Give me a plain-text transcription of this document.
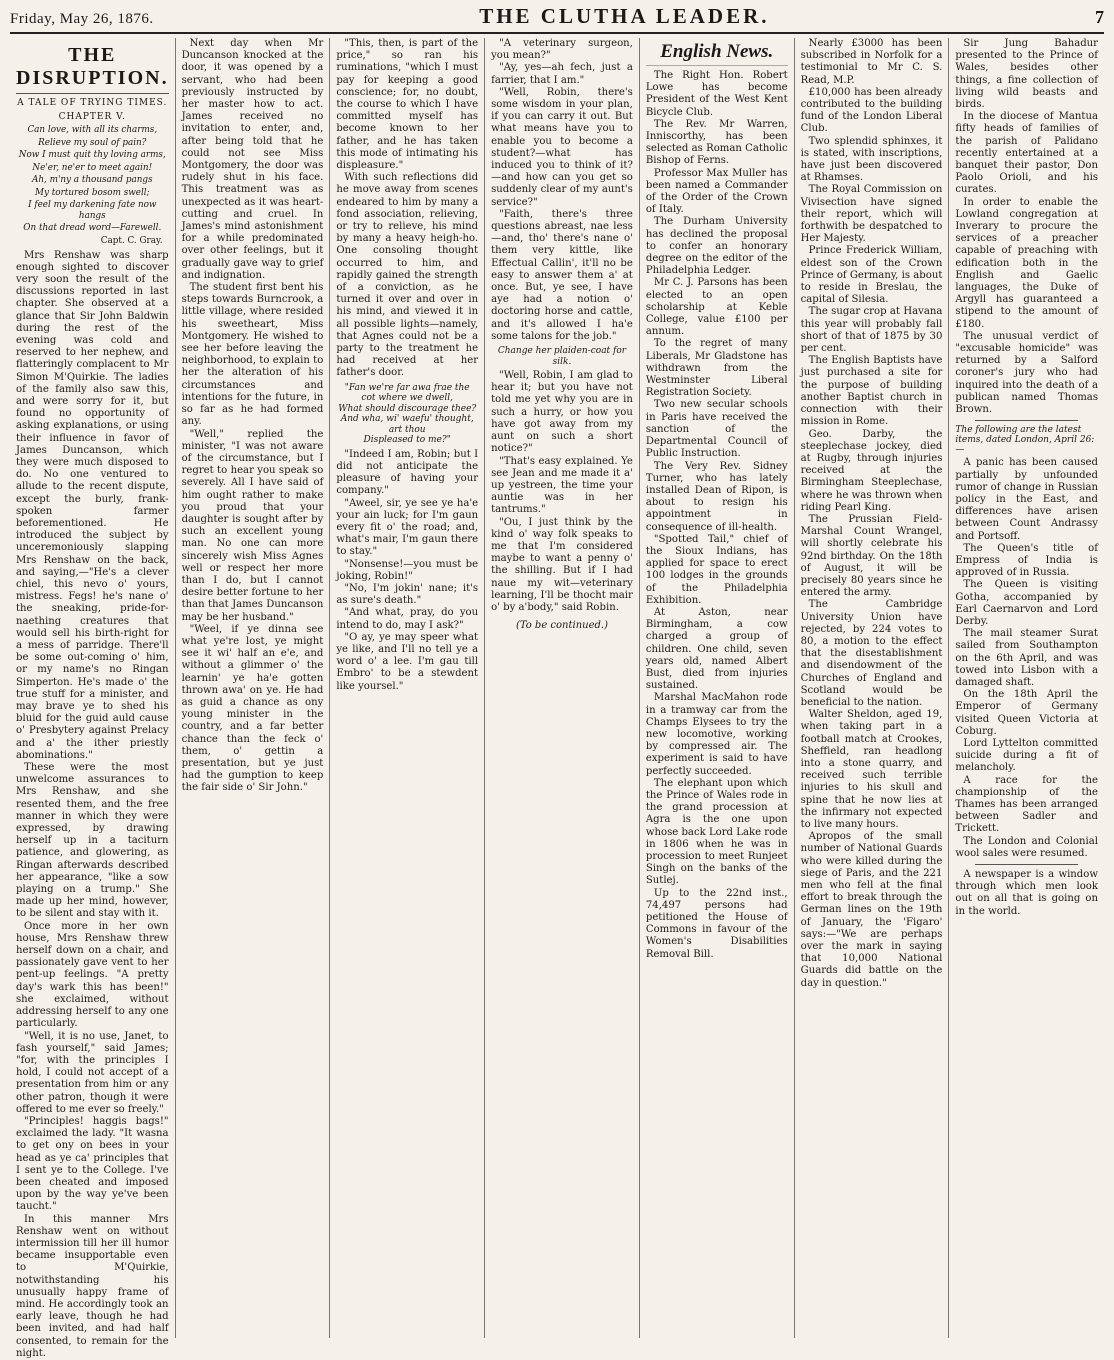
Friday, May 26, 1876.	THE CLUTHA LEADER.	7
THE DISRUPTION.
A TALE OF TRYING TIMES.
CHAPTER V.
Can love, with all its charms,
Relieve my soul of pain?
Now I must quit thy loving arms,
Ne'er, ne'er to meet again!
Ah, m'ny a thousand pangs
My tortured bosom swell;
I feel my darkening fate now hangs
On that dread word—Farewell.
Capt. C. Gray.

Mrs Renshaw was sharp enough sighted to discover very soon the result of the discussions reported in last chapter. She observed at a glance that Sir John Baldwin during the rest of the evening was cold and reserved to her nephew, and flatteringly complacent to Mr Simon M'Quirkie. The ladies of the family also saw this, and were sorry for it, but found no opportunity of asking explanations, or using their influence in favor of James Duncanson, which they were much disposed to do. No one ventured to allude to the recent dispute, except the burly, frank-spoken farmer beforementioned. He introduced the subject by unceremoniously slapping Mrs Renshaw on the back, and saying,—"He's a clever chiel, this nevo o' yours, mistress. Fegs! he's nane o' the sneaking, pride-for-naething creatures that would sell his birth-right for a mess of parridge. There'll be some out-coming o' him, or my name's no Ringan Simperton. He's made o' the true stuff for a minister, and may brave ye to shed his bluid for the guid auld cause o' Presbytery against Prelacy and a' the ither priestly abominations."

These were the most unwelcome assurances to Mrs Renshaw, and she resented them, and the free manner in which they were expressed, by drawing herself up in a taciturn patience, and glowering, as Ringan afterwards described her appearance, "like a sow playing on a trump." She made up her mind, however, to be silent and stay with it.

Once more in her own house, Mrs Renshaw threw herself down on a chair, and passionately gave vent to her pent-up feelings. "A pretty day's wark this has been!" she exclaimed, without addressing herself to any one particularly.

"Well, it is no use, Janet, to fash yourself," said James; "for, with the principles I hold, I could not accept of a presentation from him or any other patron, though it were offered to me ever so freely."

"Principles! haggis bags!" exclaimed the lady. "It wasna to get ony on bees in your head as ye ca' principles that I sent ye to the College. I've been cheated and imposed upon by the way ye've been taucht."

In this manner Mrs Renshaw went on without intermission till her ill humor became insupportable even to M'Quirkie, notwithstanding his unusually happy frame of mind. He accordingly took an early leave, though he had been invited, and had half consented, to remain for the night.

Next day when Mr Duncanson knocked at the door, it was opened by a servant, who had been previously instructed by her master how to act. James received no invitation to enter, and, after being told that he could not see Miss Montgomery, the door was rudely shut in his face. This treatment was as unexpected as it was heart-cutting and cruel. In James's mind astonishment for a while predominated over other feelings, but it gradually gave way to grief and indignation.

The student first bent his steps towards Burncrook, a little village, where resided his sweetheart, Miss Montgomery. He wished to see her before leaving the neighborhood, to explain to her the alteration of his circumstances and intentions for the future, in so far as he had formed any.

"Well," replied the minister, "I was not aware of the circumstance, but I regret to hear you speak so severely. All I have said of him ought rather to make you proud that your daughter is sought after by such an excellent young man. No one can more sincerely wish Miss Agnes well or respect her more than I do, but I cannot desire better fortune to her than that James Duncanson may be her husband."

"Weel, if ye dinna see what ye're lost, ye might see it wi' half an e'e, and without a glimmer o' the learnin' ye ha'e gotten thrown awa' on ye. He had as guid a chance as ony young minister in the country, and a far better chance than the feck o' them, o' gettin a presentation, but ye just had the gumption to keep the fair side o' Sir John."

"This, then, is part of the price," so ran his ruminations, "which I must pay for keeping a good conscience; for, no doubt, the course to which I have committed myself has become known to her father, and he has taken this mode of intimating his displeasure."

With such reflections did he move away from scenes endeared to him by many a fond association, relieving, or try to relieve, his mind by many a heavy heigh-ho. One consoling thought occurred to him, and rapidly gained the strength of a conviction, as he turned it over and over in his mind, and viewed it in all possible lights—namely, that Agnes could not be a party to the treatment he had received at her father's door.

"Fan we're far awa frae the cot where we dwell,
What should discourage thee?
And wha, wi' waefu' thought, art thou
Displeased to me?"

"Indeed I am, Robin; but I did not anticipate the pleasure of having your company."

"Aweel, sir, ye see ye ha'e your ain luck; for I'm gaun every fit o' the road; and, what's mair, I'm gaun there to stay."

"Nonsense!—you must be joking, Robin!"

"No, I'm jokin' nane; it's as sure's death."

"And what, pray, do you intend to do, may I ask?"

"O ay, ye may speer what ye like, and I'll no tell ye a word o' a lee. I'm gau till Embro' to be a stewdent like yoursel."

"A veterinary surgeon, you mean?"

"Ay, yes—ah fech, just a farrier, that I am."

"Well, Robin, there's some wisdom in your plan, if you can carry it out. But what means have you to enable you to become a student?—what has induced you to think of it?—and how can you get so suddenly clear of my aunt's service?"

"Faith, there's three questions abreast, nae less—and, tho' there's nane o' them very kittle, like Effectual Callin', it'll no be easy to answer them a' at once. But, ye see, I have aye had a notion o' doctoring horse and cattle, and it's allowed I ha'e some talons for the job."

Change her plaiden-coat for silk.

"Well, Robin, I am glad to hear it; but you have not told me yet why you are in such a hurry, or how you have got away from my aunt on such a short notice?"

"That's easy explained. Ye see Jean and me made it a' up yestreen, the time your auntie was in her tantrums."

"Ou, I just think by the kind o' way folk speaks to me that I'm considered maybe to want a penny o' the shilling. But if I had naue my wit—veterinary learning, I'll be thocht mair o' by a'body," said Robin.

(To be continued.)
English News.

The Right Hon. Robert Lowe has become President of the West Kent Bicycle Club.

The Rev. Mr Warren, Inniscorthy, has been selected as Roman Catholic Bishop of Ferns.

Professor Max Muller has been named a Commander of the Order of the Crown of Italy.

The Durham University has declined the proposal to confer an honorary degree on the editor of the Philadelphia Ledger.

Mr C. J. Parsons has been elected to an open scholarship at Keble College, value £100 per annum.

To the regret of many Liberals, Mr Gladstone has withdrawn from the Westminster Liberal Registration Society.

Two new secular schools in Paris have received the sanction of the Departmental Council of Public Instruction.

The Very Rev. Sidney Turner, who has lately installed Dean of Ripon, is about to resign his appointment in consequence of ill-health.

"Spotted Tail," chief of the Sioux Indians, has applied for space to erect 100 lodges in the grounds of the Philadelphia Exhibition.

At Aston, near Birmingham, a cow charged a group of children. One child, seven years old, named Albert Bust, died from injuries sustained.

Marshal MacMahon rode in a tramway car from the Champs Elysees to try the new locomotive, working by compressed air. The experiment is said to have perfectly succeeded.

The elephant upon which the Prince of Wales rode in the grand procession at Agra is the one upon whose back Lord Lake rode in 1806 when he was in procession to meet Runjeet Singh on the banks of the Sutlej.

Up to the 22nd inst., 74,497 persons had petitioned the House of Commons in favour of the Women's Disabilities Removal Bill.

Nearly £3000 has been subscribed in Norfolk for a testimonial to Mr C. S. Read, M.P.

£10,000 has been already contributed to the building fund of the London Liberal Club.

Two splendid sphinxes, it is stated, with inscriptions, have just been discovered at Rhamses.

The Royal Commission on Vivisection have signed their report, which will forthwith be despatched to Her Majesty.

Prince Frederick William, eldest son of the Crown Prince of Germany, is about to reside in Breslau, the capital of Silesia.

The sugar crop at Havana this year will probably fall short of that of 1875 by 30 per cent.

The English Baptists have just purchased a site for the purpose of building another Baptist church in connection with their mission in Rome.

Geo. Darby, the steeplechase jockey, died at Rugby, through injuries received at the Birmingham Steeplechase, where he was thrown when riding Pearl King.

The Prussian Field-Marshal Count Wrangel, will shortly celebrate his 92nd birthday. On the 18th of August, it will be precisely 80 years since he entered the army.

The Cambridge University Union have rejected, by 224 votes to 80, a motion to the effect that the disestablishment and disendowment of the Churches of England and Scotland would be beneficial to the nation.

Walter Sheldon, aged 19, when taking part in a football match at Crookes, Sheffield, ran headlong into a stone quarry, and received such terrible injuries to his skull and spine that he now lies at the infirmary not expected to live many hours.

Apropos of the small number of National Guards who were killed during the siege of Paris, and the 221 men who fell at the final effort to break through the German lines on the 19th of January, the 'Figaro' says:—"We are perhaps over the mark in saying that 10,000 National Guards did battle on the day in question."

Sir Jung Bahadur presented to the Prince of Wales, besides other things, a fine collection of living wild beasts and birds.

In the diocese of Mantua fifty heads of families of the parish of Palidano recently entertained at a banquet their pastor, Don Paolo Orioli, and his curates.

In order to enable the Lowland congregation at Inverary to procure the services of a preacher capable of preaching with edification both in the English and Gaelic languages, the Duke of Argyll has guaranteed a stipend to the amount of £180.

The unusual verdict of "excusable homicide" was returned by a Salford coroner's jury who had inquired into the death of a publican named Thomas Brown.

The following are the latest items, dated London, April 26:—

A panic has been caused partially by unfounded rumor of change in Russian policy in the East, and differences have arisen between Count Andrassy and Portsoff.

The Queen's title of Empress of India is approved of in Russia.

The Queen is visiting Gotha, accompanied by Earl Caernarvon and Lord Derby.

The mail steamer Surat sailed from Southampton on the 6th April, and was towed into Lisbon with a damaged shaft.

On the 18th April the Emperor of Germany visited Queen Victoria at Coburg.

Lord Lyttelton committed suicide during a fit of melancholy.

A race for the championship of the Thames has been arranged between Sadler and Trickett.

The London and Colonial wool sales were resumed.

A newspaper is a window through which men look out on all that is going on in the world.
